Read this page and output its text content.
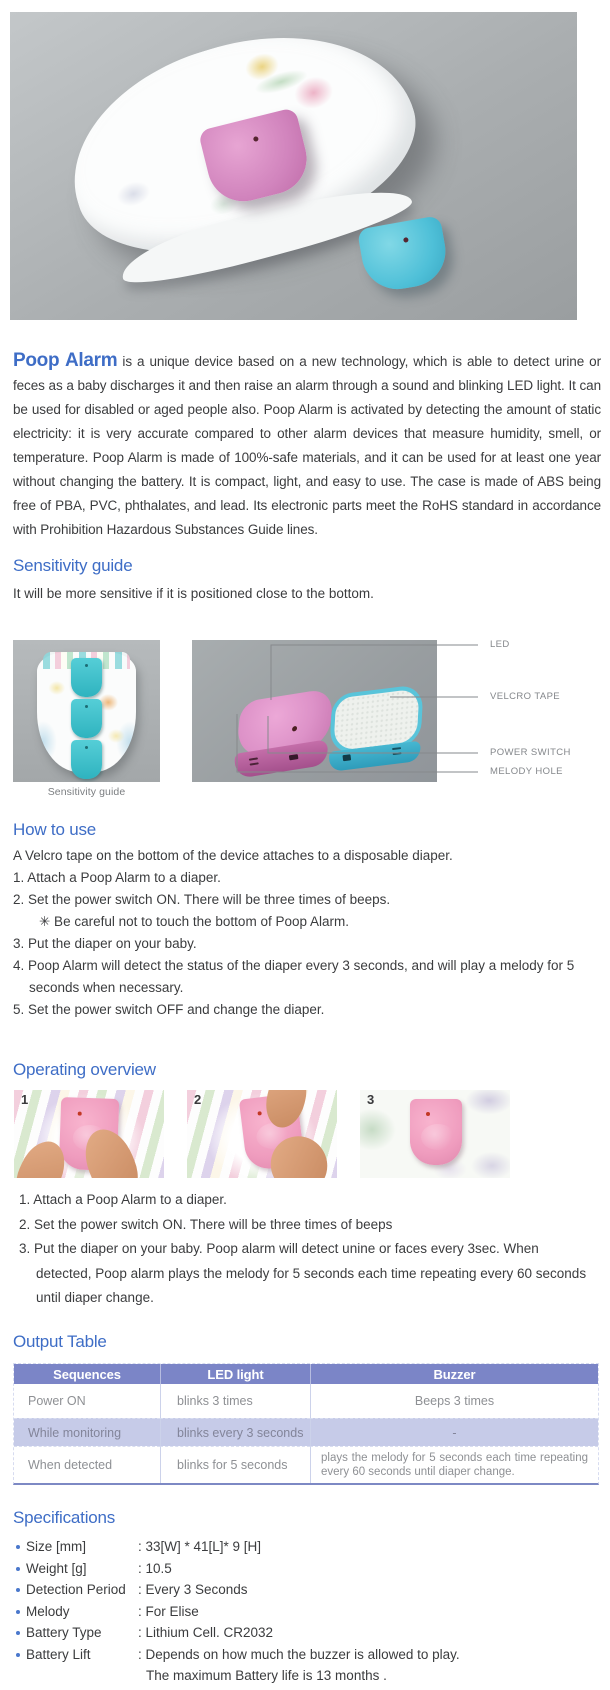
Poop Alarm is a unique device based on a new technology, which is able to detect urine or feces as a baby discharges it and then raise an alarm through a sound and blinking LED light. It can be used for disabled or aged people also. Poop Alarm is activated by detecting the amount of static electricity: it is very accurate compared to other alarm devices that measure humidity, smell, or temperature. Poop Alarm is made of 100%-safe materials, and it can be used for at least one year without changing the battery. It is compact, light, and easy to use. The case is made of ABS being free of PBA, PVC, phthalates, and lead. Its electronic parts meet the RoHS standard in accordance with Prohibition Hazardous Substances Guide lines.

Sensitivity guide
It will be more sensitive if it is positioned close to the bottom.
Sensitivity guide
LED
VELCRO TAPE
POWER SWITCH
MELODY HOLE
How to use
A Velcro tape on the bottom of the device attaches to a disposable diaper.
1. Attach a Poop Alarm to a diaper.
2. Set the power switch ON. There will be three times of beeps.
✳ Be careful not to touch the bottom of Poop Alarm.
3. Put the diaper on your baby.
4. Poop Alarm will detect the status of the diaper every 3 seconds, and will play a melody for 5 seconds when necessary.
5. Set the power switch OFF and change the diaper.
Operating overview
1	2	3
1. Attach a Poop Alarm to a diaper.
2. Set the power switch ON. There will be three times of beeps
3. Put the diaper on your baby. Poop alarm will detect unine or faces every 3sec. When detected, Poop alarm plays the melody for 5 seconds each time repeating every 60 seconds until diaper change.
Output Table
Sequences	LED light	Buzzer
Power ON	blinks 3 times	Beeps 3 times
While monitoring	blinks every 3 seconds	-
When detected	blinks for 5 seconds	plays the melody for 5 seconds each time repeating every 60 seconds until diaper change.
Specifications
Size [mm]	: 33[W] * 41[L]* 9 [H]
Weight [g]	: 10.5
Detection Period : Every 3 Seconds
Melody	: For Elise
Battery Type	: Lithium Cell. CR2032
Battery Lift	: Depends on how much the buzzer is allowed to play.
The maximum Battery life is 13 months .
